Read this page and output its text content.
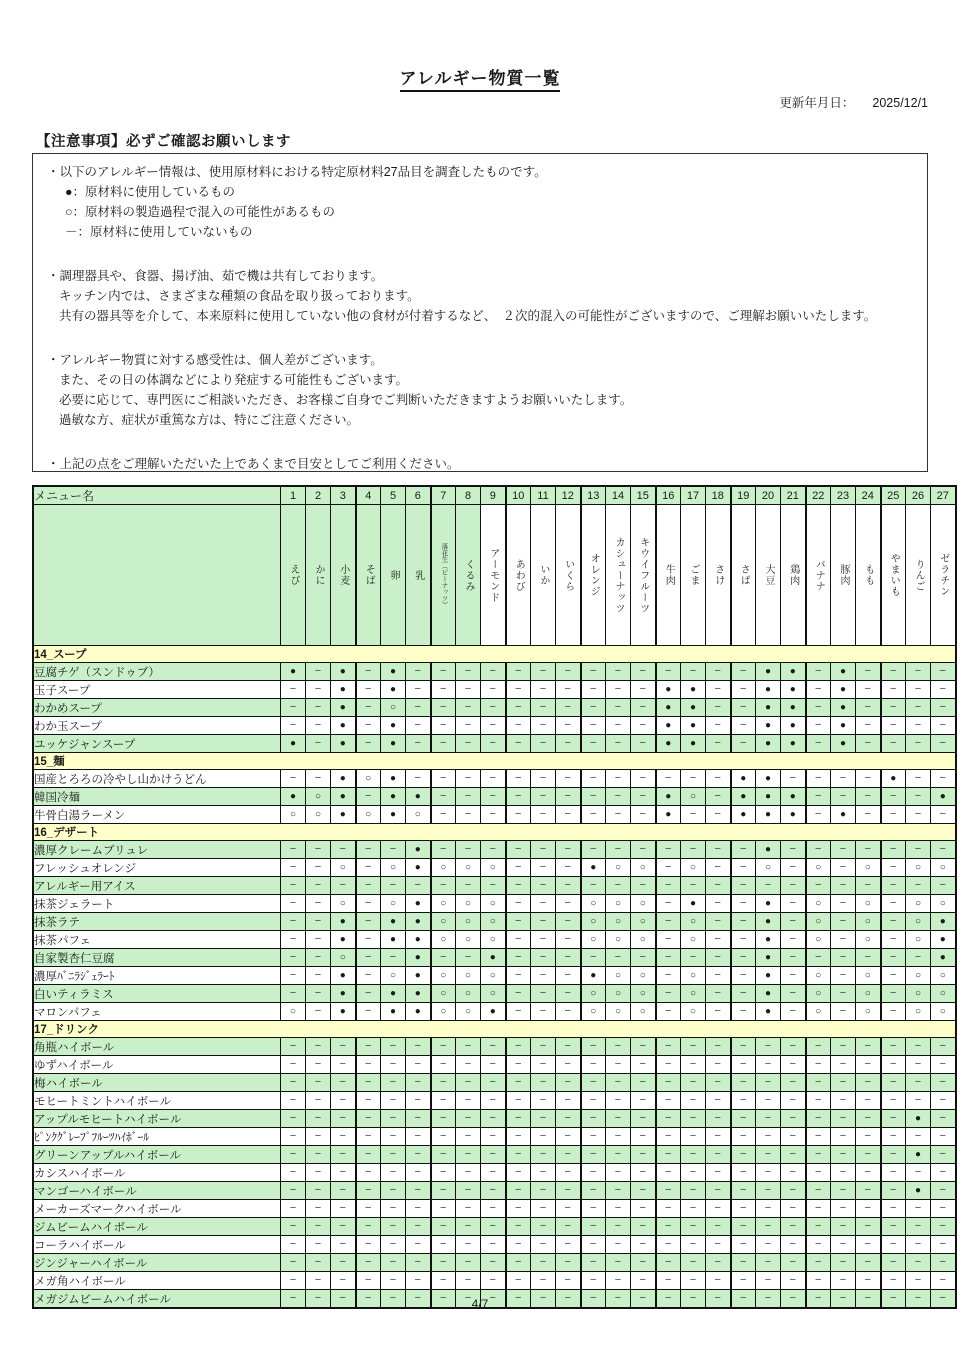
アレルギー物質一覧
更新年月日： 2025/12/1
【注意事項】必ずご確認お願いします
・以下のアレルギー情報は、使用原材料における特定原材料27品目を調査したものです。
●：原材料に使用しているもの
○：原材料の製造過程で混入の可能性があるもの
－：原材料に使用していないもの
・調理器具や、食器、揚げ油、茹で機は共有しております。
キッチン内では、さまざまな種類の食品を取り扱っております。
共有の器具等を介して、本来原料に使用していない他の食材が付着するなど、　２次的混入の可能性がございますので、ご理解お願いいたします。
・アレルギー物質に対する感受性は、個人差がございます。
また、その日の体調などにより発症する可能性もございます。
必要に応じて、専門医にご相談いただき、お客様ご自身でご判断いただきますようお願いいたします。
過敏な方、症状が重篤な方は、特にご注意ください。
・上記の点をご理解いただいた上であくまで目安としてご利用ください。
メニュー名	1	2	3	4	5	6	7	8	9	10	11	12	13	14	15	16	17	18	19	20	21	22	23	24	25	26	27

	えび	かに	小麦	そば	卵	乳	落花生（ピーナッツ）	くるみ	アーモンド	あわび	いか	いくら	オレンジ	カシューナッツ	キウイフルーツ	牛肉	ごま	さけ	さば	大豆	鶏肉	バナナ	豚肉	もも	やまいも	りんご	ゼラチン

14_スープ																											
豆腐チゲ（スンドゥブ）	●	−	●	−	●	−	−	−	−	−	−	−	−	−	−	−	−	−	−	●	●	−	●	−	−	−	−
玉子スープ	−	−	●	−	●	−	−	−	−	−	−	−	−	−	−	●	●	−	−	●	●	−	●	−	−	−	−
わかめスープ	−	−	●	−	○	−	−	−	−	−	−	−	−	−	−	●	●	−	−	●	●	−	●	−	−	−	−
わか玉スープ	−	−	●	−	●	−	−	−	−	−	−	−	−	−	−	●	●	−	−	●	●	−	●	−	−	−	−
ユッケジャンスープ	●	−	●	−	●	−	−	−	−	−	−	−	−	−	−	●	●	−	−	●	●	−	●	−	−	−	−
15_麺																											
国産とろろの冷やし山かけうどん	−	−	●	○	●	−	−	−	−	−	−	−	−	−	−	−	−	−	●	●	−	−	−	−	●	−	−
韓国冷麺	●	○	●	−	●	●	−	−	−	−	−	−	−	−	−	●	○	−	●	●	●	−	−	−	−	−	●
牛骨白湯ラーメン	○	○	●	○	●	○	−	−	−	−	−	−	−	−	−	●	−	−	●	●	●	−	●	−	−	−	−
16_デザート																											
濃厚クレームブリュレ	−	−	−	−	−	●	−	−	−	−	−	−	−	−	−	−	−	−	−	●	−	−	−	−	−	−	−
フレッシュオレンジ	−	−	○	−	○	●	○	○	○	−	−	−	●	○	○	−	○	−	−	○	−	○	−	○	−	○	○
アレルギー用アイス	−	−	−	−	−	−	−	−	−	−	−	−	−	−	−	−	−	−	−	−	−	−	−	−	−	−	−
抹茶ジェラート	−	−	○	−	○	●	○	○	○	−	−	−	○	○	○	−	●	−	−	●	−	○	−	○	−	○	○
抹茶ラテ	−	−	●	−	●	●	○	○	○	−	−	−	○	○	○	−	○	−	−	●	−	○	−	○	−	○	●
抹茶パフェ	−	−	●	−	●	●	○	○	○	−	−	−	○	○	○	−	○	−	−	●	−	○	−	○	−	○	●
自家製杏仁豆腐	−	−	○	−	−	●	−	−	●	−	−	−	−	−	−	−	−	−	−	●	−	−	−	−	−	−	●
濃厚ﾊﾞﾆﾗｼﾞｪﾗｰﾄ	−	−	●	−	○	●	○	○	○	−	−	−	●	○	○	−	○	−	−	●	−	○	−	○	−	○	○
白いティラミス	−	−	●	−	●	●	○	○	○	−	−	−	○	○	○	−	○	−	−	●	−	○	−	○	−	○	○
マロンパフェ	○	−	●	−	●	●	○	○	●	−	−	−	○	○	○	−	○	−	−	●	−	○	−	○	−	○	○
17_ドリンク																											
角瓶ハイボール	−	−	−	−	−	−	−	−	−	−	−	−	−	−	−	−	−	−	−	−	−	−	−	−	−	−	−
ゆずハイボール	−	−	−	−	−	−	−	−	−	−	−	−	−	−	−	−	−	−	−	−	−	−	−	−	−	−	−
梅ハイボール	−	−	−	−	−	−	−	−	−	−	−	−	−	−	−	−	−	−	−	−	−	−	−	−	−	−	−
モヒートミントハイボール	−	−	−	−	−	−	−	−	−	−	−	−	−	−	−	−	−	−	−	−	−	−	−	−	−	−	−
アップルモヒートハイボール	−	−	−	−	−	−	−	−	−	−	−	−	−	−	−	−	−	−	−	−	−	−	−	−	−	●	−
ﾋﾟﾝｸｸﾞﾚｰﾌﾟﾌﾙｰﾂﾊｲﾎﾞｰﾙ	−	−	−	−	−	−	−	−	−	−	−	−	−	−	−	−	−	−	−	−	−	−	−	−	−	−	−
グリーンアップルハイボール	−	−	−	−	−	−	−	−	−	−	−	−	−	−	−	−	−	−	−	−	−	−	−	−	−	●	−
カシスハイボール	−	−	−	−	−	−	−	−	−	−	−	−	−	−	−	−	−	−	−	−	−	−	−	−	−	−	−
マンゴーハイボール	−	−	−	−	−	−	−	−	−	−	−	−	−	−	−	−	−	−	−	−	−	−	−	−	−	●	−
メーカーズマークハイボール	−	−	−	−	−	−	−	−	−	−	−	−	−	−	−	−	−	−	−	−	−	−	−	−	−	−	−
ジムビームハイボール	−	−	−	−	−	−	−	−	−	−	−	−	−	−	−	−	−	−	−	−	−	−	−	−	−	−	−
コーラハイボール	−	−	−	−	−	−	−	−	−	−	−	−	−	−	−	−	−	−	−	−	−	−	−	−	−	−	−
ジンジャーハイボール	−	−	−	−	−	−	−	−	−	−	−	−	−	−	−	−	−	−	−	−	−	−	−	−	−	−	−
メガ角ハイボール	−	−	−	−	−	−	−	−	−	−	−	−	−	−	−	−	−	−	−	−	−	−	−	−	−	−	−
メガジムビームハイボール	−	−	−	−	−	−	−	−	−	−	−	−	−	−	−	−	−	−	−	−	−	−	−	−	−	−	−
4/7
